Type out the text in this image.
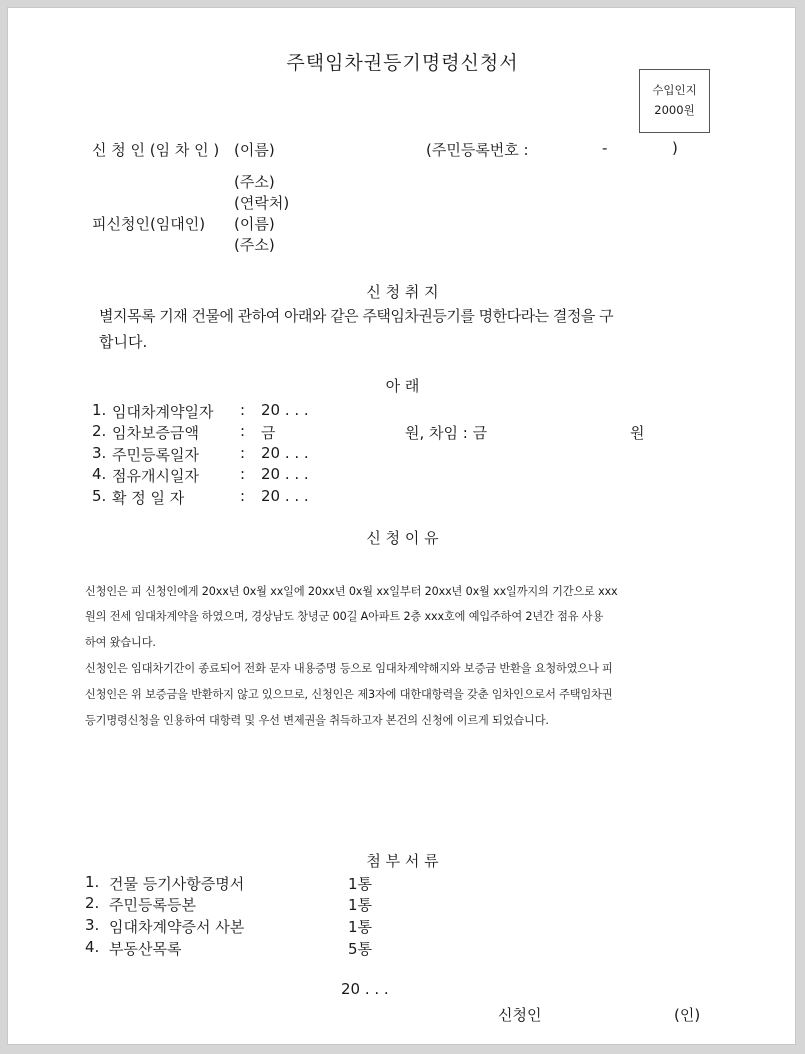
주택임차권등기명령신청서
수입인지
2000원
신 청 인 (임 차 인 ) (이름)	(주민등록번호 :	-	)
(주소)
(연락처)
피신청인(임대인) (이름)
(주소)
신 청 취 지
별지목록 기재 건물에 관하여 아래와 같은 주택임차권등기를 명한다라는 결정을 구
합니다.
아 래
1. 임대차계약일자 : 20 . . .
2. 임차보증금액	: 금	원, 차임 : 금	원
3. 주민등록일자	: 20 . . .
4. 점유개시일자	: 20 . . .
5. 확 정 일 자	: 20 . . .
신 청 이 유
신청인은 피 신청인에게 20xx년 0x월 xx일에 20xx년 0x월 xx일부터 20xx년 0x월 xx일까지의 기간으로 xxx
원의 전세 임대차계약을 하였으며, 경상남도 창녕군 00길 A아파트 2층 xxx호에 예입주하여 2년간 점유 사용
하여 왔습니다.
신청인은 임대차기간이 종료되어 전화 문자 내용증명 등으로 임대차계약해지와 보증금 반환을 요청하였으나 피
신청인은 위 보증금을 반환하지 않고 있으므로, 신청인은 제3자에 대한대항력을 갖춘 임차인으로서 주택임차권
등기명령신청을 인용하여 대항력 및 우선 변제권을 취득하고자 본건의 신청에 이르게 되었습니다.
첨 부 서 류
1. 건물 등기사항증명서	1통
2. 주민등록등본	1통
3. 임대차계약증서 사본	1통
4. 부동산목록	5통
20 . . .
신청인	(인)
